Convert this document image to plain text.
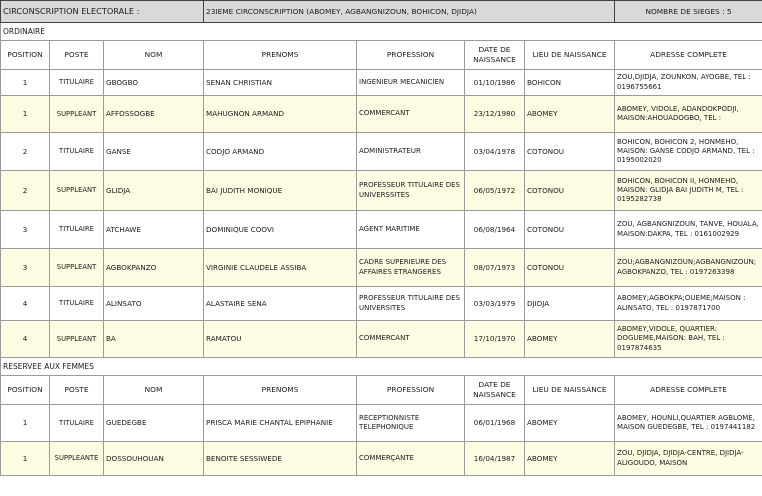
CIRCONSCRIPTION ELECTORALE :			23IEME CIRCONSCRIPTION (ABOMEY, AGBANGNIZOUN, BOHICON, DJIDJA)				NOMBRE DE SIEGES : 5
ORDINAIRE							
POSITION	POSTE	NOM	PRENOMS	PROFESSION	DATE DE NAISSANCE	LIEU DE NAISSANCE	ADRESSE COMPLETE
1	TITULAIRE	GBOGBO	SENAN CHRISTIAN	INGENIEUR MECANICIEN	01/10/1986	BOHICON	ZOU,DJIDJA, ZOUNKON, AYOGBE, TEL : 0196755661
1	SUPPLEANT	AFFOSSOGBE	MAHUGNON ARMAND	COMMERCANT	23/12/1980	ABOMEY	ABOMEY, VIDOLE, ADANDOKPODJI, MAISON:AHOUADOGBO, TEL :
2	TITULAIRE	GANSE	CODJO ARMAND	ADMINISTRATEUR	03/04/1978	COTONOU	BOHICON, BOHICON 2, HONMEHO, MAISON: GANSE CODJO ARMAND, TEL : 0195002020
2	SUPPLEANT	GLIDJA	BAI JUDITH MONIQUE	PROFESSEUR TITULAIRE DES UNIVERSSITES	06/05/1972	COTONOU	BOHICON, BOHICON II, HONMEHO, MAISON: GLIDJA BAI JUDITH M, TEL : 0195282738
3	TITULAIRE	ATCHAWE	DOMINIQUE COOVI	AGENT MARITIME	06/08/1964	COTONOU	ZOU, AGBANGNIZOUN, TANVE, HOUALA, MAISON:DAKPA, TEL : 0161002929
3	SUPPLEANT	AGBOKPANZO	VIRGINIE CLAUDELE ASSIBA	CADRE SUPERIEURE DES AFFAIRES ETRANGERES	08/07/1973	COTONOU	ZOU;AGBANGNIZOUN;AGBANGNIZOUN;AGBOKPANZO, TEL : 0197263398
4	TITULAIRE	ALINSATO	ALASTAIRE SENA	PROFESSEUR TITULAIRE DES UNIVERSITES	03/03/1979	DJIDJA	ABOMEY;AGBOKPA;OUEME;MAISON : ALINSATO, TEL : 0197871700
4	SUPPLEANT	BA	RAMATOU	COMMERCANT	17/10/1970	ABOMEY	ABOMEY,VIDOLE, QUARTIER: DOGUEME,MAISON: BAH, TEL : 0197874635
RESERVEE AUX FEMMES							
POSITION	POSTE	NOM	PRENOMS	PROFESSION	DATE DE NAISSANCE	LIEU DE NAISSANCE	ADRESSE COMPLETE
1	TITULAIRE	GUEDEGBE	PRISCA MARIE CHANTAL EPIPHANIE	RECEPTIONNISTE TELEPHONIQUE	06/01/1968	ABOMEY	ABOMEY, HOUNLI,QUARTIER AGBLOME, MAISON GUEDEGBE, TEL : 0197441182
1	SUPPLEANTE	DOSSOUHOUAN	BENOITE SESSIWEDE	COMMERÇANTE	16/04/1987	ABOMEY	ZOU, DJIDJA, DJIDJA-CENTRE, DJIDJA-ALIGOUDO, MAISON
